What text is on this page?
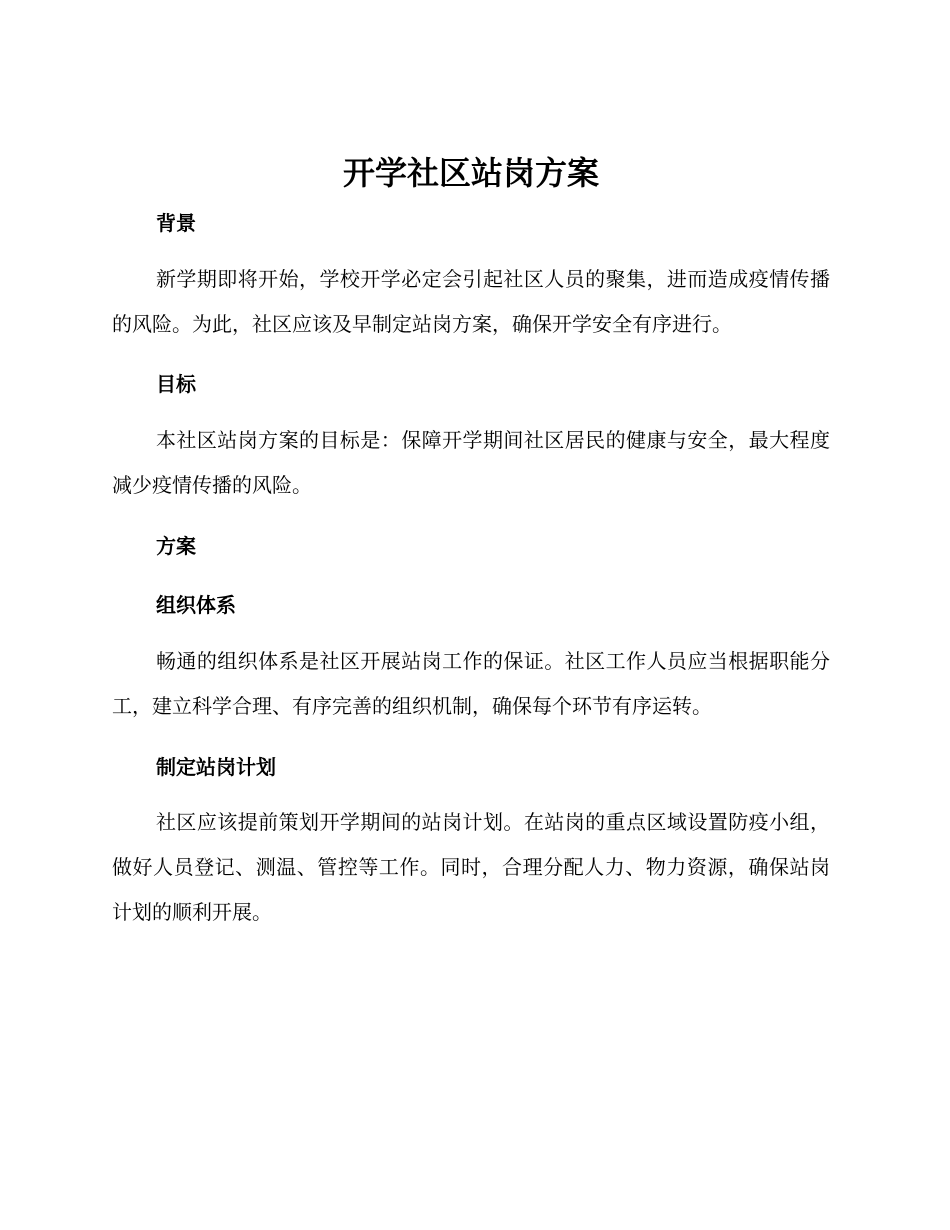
开学社区站岗方案
背景

新学期即将开始，学校开学必定会引起社区人员的聚集，进而造成疫情传播的风险。为此，社区应该及早制定站岗方案，确保开学安全有序进行。

目标

本社区站岗方案的目标是：保障开学期间社区居民的健康与安全，最大程度减少疫情传播的风险。

方案
组织体系

畅通的组织体系是社区开展站岗工作的保证。社区工作人员应当根据职能分工，建立科学合理、有序完善的组织机制，确保每个环节有序运转。

制定站岗计划

社区应该提前策划开学期间的站岗计划。在站岗的重点区域设置防疫小组，做好人员登记、测温、管控等工作。同时，合理分配人力、物力资源，确保站岗计划的顺利开展。
